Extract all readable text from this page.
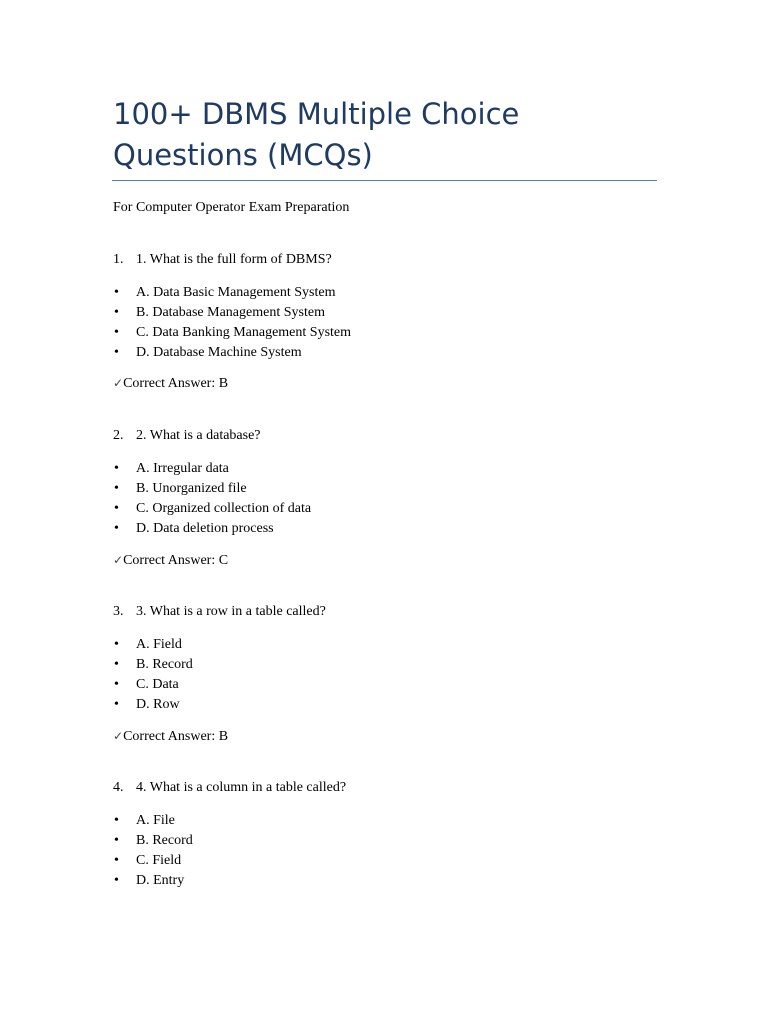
100+ DBMS Multiple Choice Questions (MCQs)
For Computer Operator Exam Preparation
1. 1. What is the full form of DBMS?
• A. Data Basic Management System
• B. Database Management System
• C. Data Banking Management System
• D. Database Machine System
✓Correct Answer: B
2. 2. What is a database?
• A. Irregular data
• B. Unorganized file
• C. Organized collection of data
• D. Data deletion process
✓Correct Answer: C
3. 3. What is a row in a table called?
• A. Field
• B. Record
• C. Data
• D. Row
✓Correct Answer: B
4. 4. What is a column in a table called?
• A. File
• B. Record
• C. Field
• D. Entry
